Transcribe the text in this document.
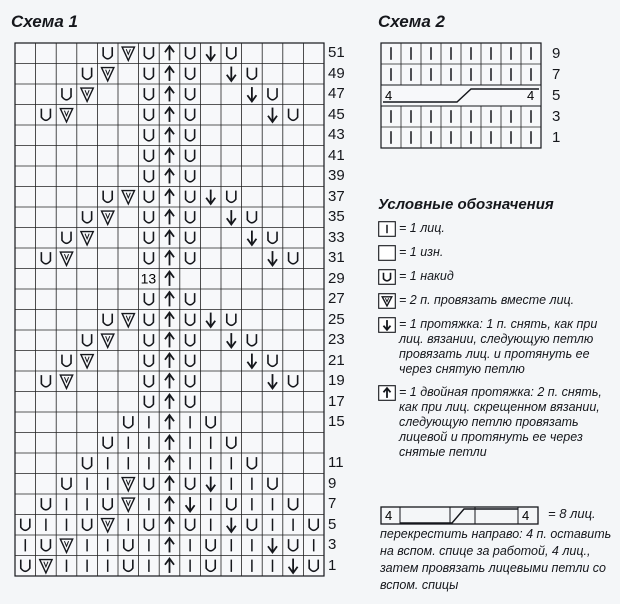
Схема 1
13
51
49
47
45
43
41
39
37
35
33
31
29
27
25
23
21
19
17
15
11
9
7
5
3
1
Схема 2
4	4
9
7
5
3
1
Условные обозначения
= 1 лиц.
= 1 изн.
= 1 накид
= 2 п. провязать вместе лиц.
= 1 протяжка: 1 п. снять, как при лиц. вязании, следующую петлю провязать лиц. и протянуть ее через снятую петлю
= 1 двойная протяжка: 2 п. снять, как при лиц. скрещенном вязании, следующую петлю провязать лицевой и протянуть ее через снятые петли
4	4 = 8 лиц.
перекрестить направо: 4 п. оставить на вспом. спице за работой, 4 лиц., затем провязать лицевыми петли со вспом. спицы
